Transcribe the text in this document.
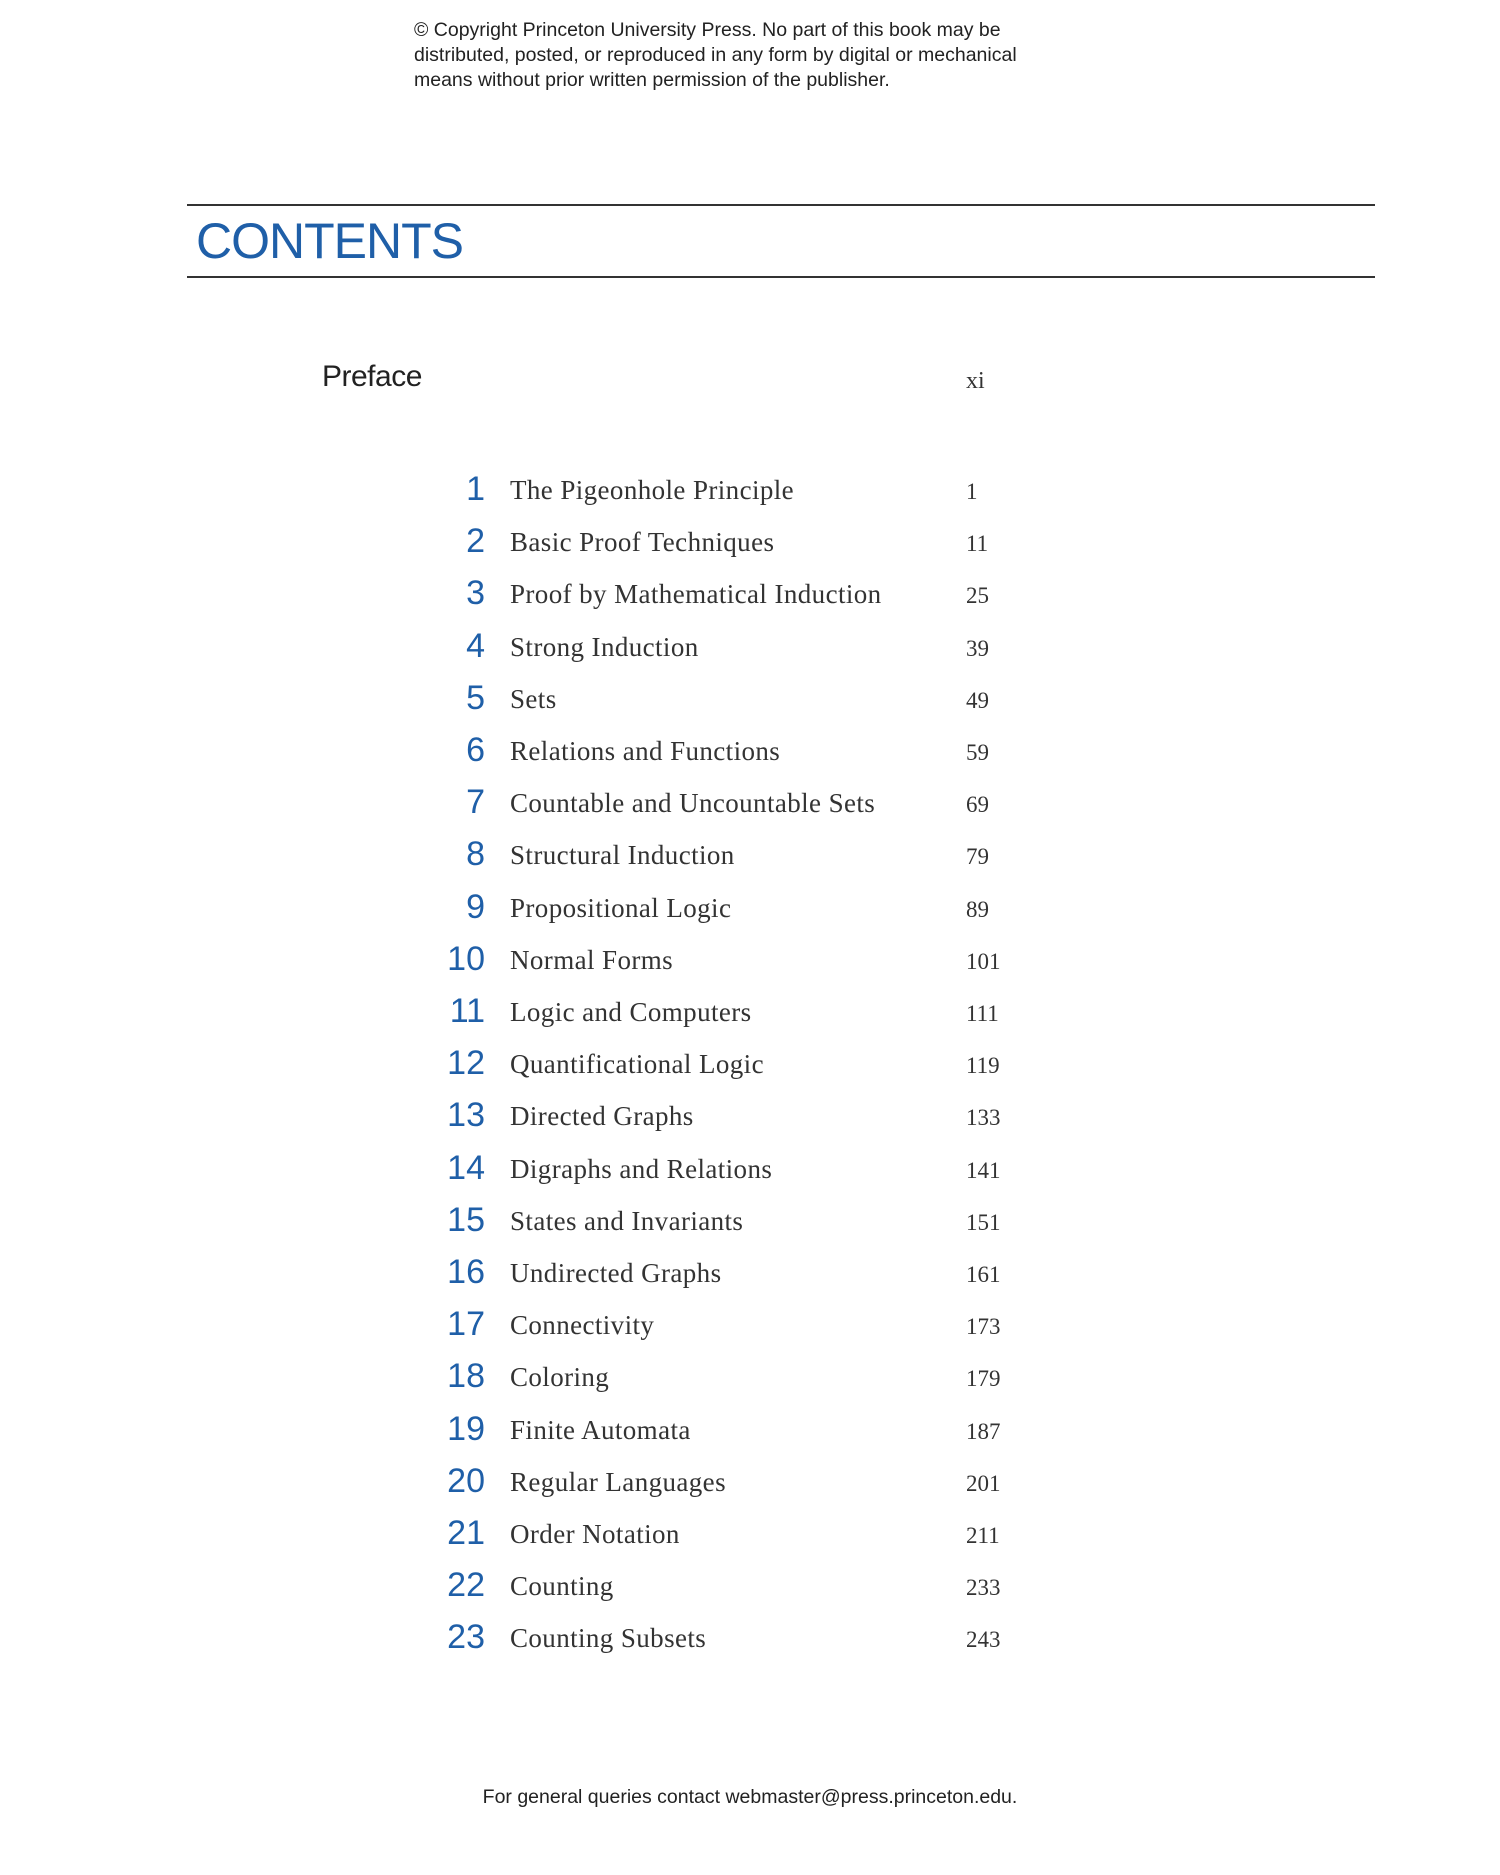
© Copyright Princeton University Press. No part of this book may be
distributed, posted, or reproduced in any form by digital or mechanical
means without prior written permission of the publisher.
CONTENTS
Preface	xi
1 The Pigeonhole Principle	1
2 Basic Proof Techniques	11
3 Proof by Mathematical Induction	25
4 Strong Induction	39
5 Sets	49
6 Relations and Functions	59
7 Countable and Uncountable Sets	69
8 Structural Induction	79
9 Propositional Logic	89
10 Normal Forms	101
11 Logic and Computers	111
12 Quantificational Logic	119
13 Directed Graphs	133
14 Digraphs and Relations	141
15 States and Invariants	151
16 Undirected Graphs	161
17 Connectivity	173
18 Coloring	179
19 Finite Automata	187
20 Regular Languages	201
21 Order Notation	211
22 Counting	233
23 Counting Subsets	243
For general queries contact webmaster@press.princeton.edu.
